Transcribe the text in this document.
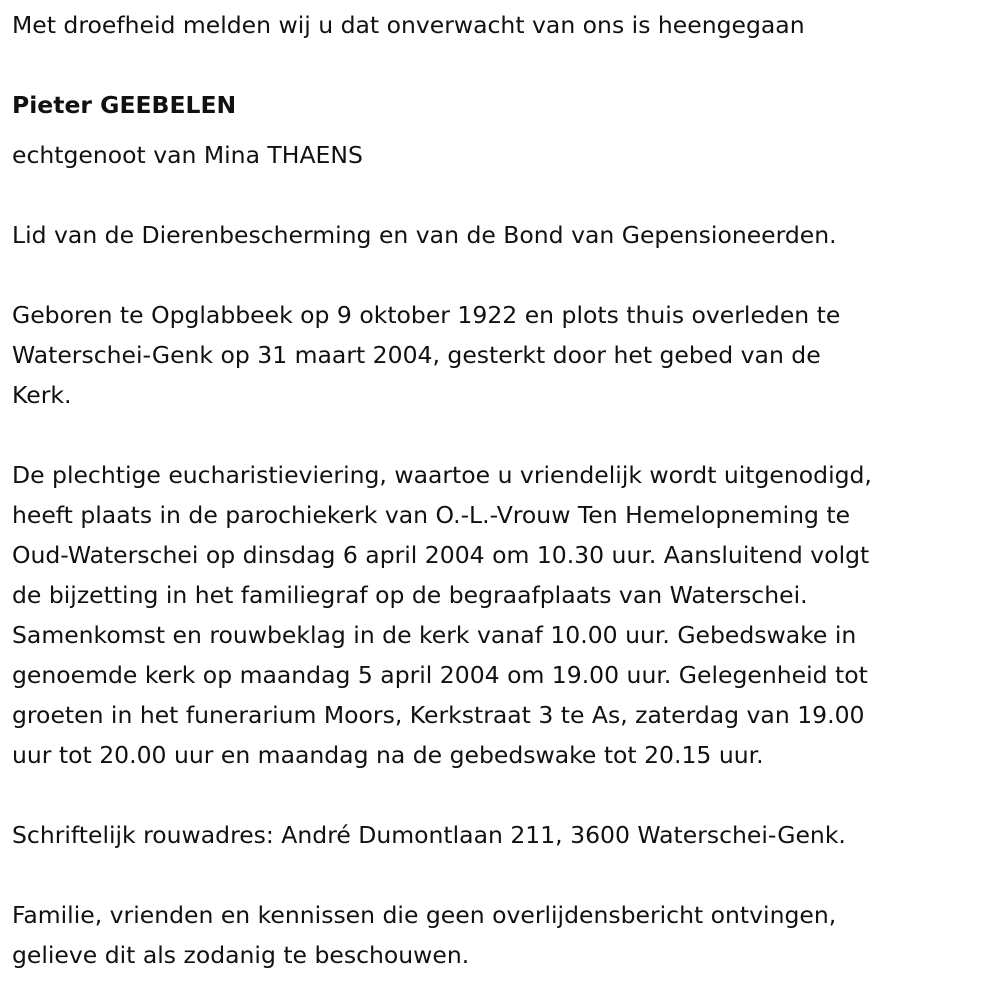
Met droefheid melden wij u dat onverwacht van ons is heengegaan
Pieter GEEBELEN
echtgenoot van Mina THAENS
Lid van de Dierenbescherming en van de Bond van Gepensioneerden.
Geboren te Opglabbeek op 9 oktober 1922 en plots thuis overleden te
Waterschei-Genk op 31 maart 2004, gesterkt door het gebed van de
Kerk.
De plechtige eucharistieviering, waartoe u vriendelijk wordt uitgenodigd,
heeft plaats in de parochiekerk van O.-L.-Vrouw Ten Hemelopneming te
Oud-Waterschei op dinsdag 6 april 2004 om 10.30 uur. Aansluitend volgt
de bijzetting in het familiegraf op de begraafplaats van Waterschei.
Samenkomst en rouwbeklag in de kerk vanaf 10.00 uur. Gebedswake in
genoemde kerk op maandag 5 april 2004 om 19.00 uur. Gelegenheid tot
groeten in het funerarium Moors, Kerkstraat 3 te As, zaterdag van 19.00
uur tot 20.00 uur en maandag na de gebedswake tot 20.15 uur.
Schriftelijk rouwadres: André Dumontlaan 211, 3600 Waterschei-Genk.
Familie, vrienden en kennissen die geen overlijdensbericht ontvingen,
gelieve dit als zodanig te beschouwen.
